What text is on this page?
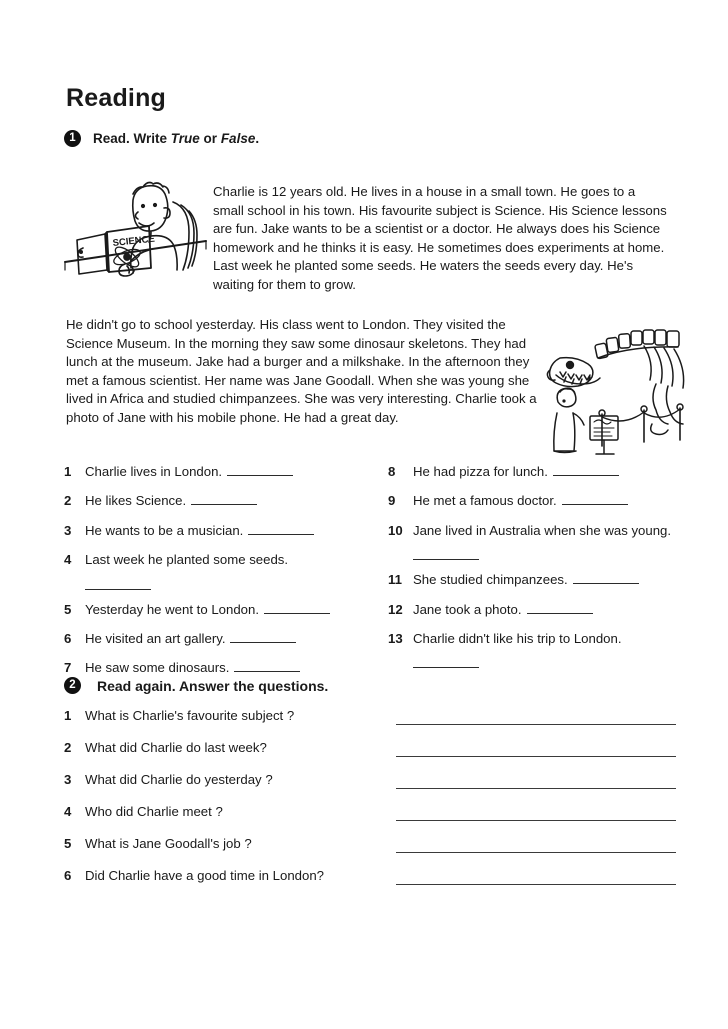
Reading
1	Read. Write True or False.
SCIENCE
Charlie is 12 years old. He lives in a house in a small town. He goes to a small school in his town. His favourite subject is Science. His Science lessons are fun. Jake wants to be a scientist or a doctor. He always does his Science homework and he thinks it is easy. He sometimes does experiments at home. Last week he planted some seeds. He waters the seeds every day. He's waiting for them to grow.
He didn't go to school yesterday. His class went to London. They visited the Science Museum. In the morning they saw some dinosaur skeletons. They had lunch at the museum. Jake had a burger and a milkshake. In the afternoon they met a famous scientist. Her name was Jane Goodall. When she was young she lived in Africa and studied chimpanzees. She was very interesting. Charlie took a photo of Jane with his mobile phone. He had a great day.
1	Charlie lives in London.
2	He likes Science.
3	He wants to be a musician.
4	Last week he planted some seeds.
5	Yesterday he went to London.
6	He visited an art gallery.
7	He saw some dinosaurs.
8	He had pizza for lunch.
9	He met a famous doctor.
10 Jane lived in Australia when she was young.
11 She studied chimpanzees.
12 Jane took a photo.
13 Charlie didn't like his trip to London.
2	Read again. Answer the questions.
1	What is Charlie's favourite subject ?
2	What did Charlie do last week?
3	What did Charlie do yesterday ?
4	Who did Charlie meet ?
5	What is Jane Goodall's job ?
6	Did Charlie have a good time in London?
